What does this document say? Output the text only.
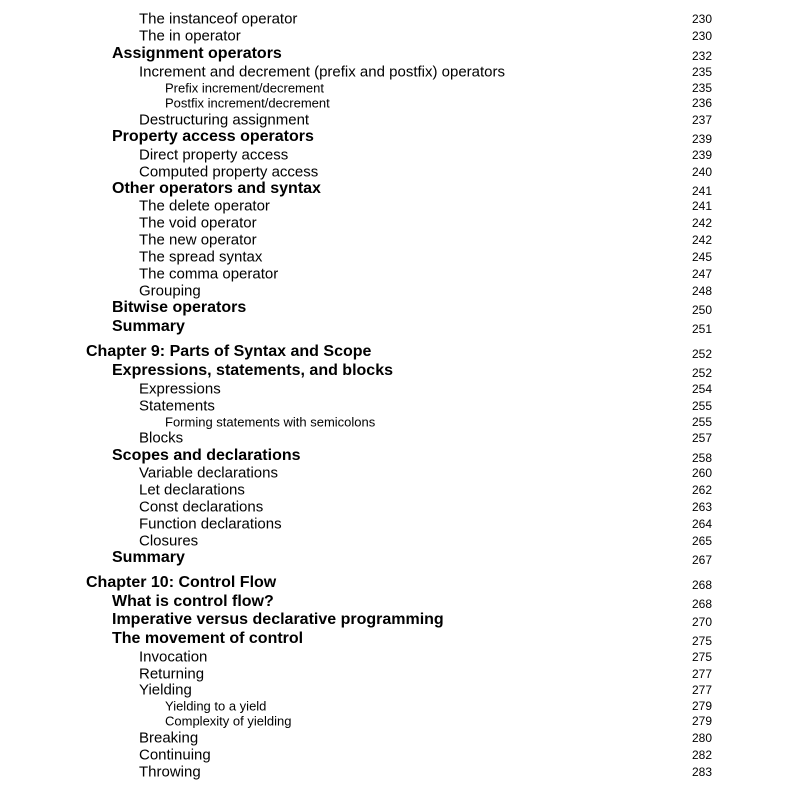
The instanceof operator	230
The in operator	230
Assignment operators	232
Increment and decrement (prefix and postfix) operators	235
Prefix increment/decrement	235
Postfix increment/decrement	236
Destructuring assignment	237
Property access operators	239
Direct property access	239
Computed property access	240
Other operators and syntax	241
The delete operator	241
The void operator	242
The new operator	242
The spread syntax	245
The comma operator	247
Grouping	248
Bitwise operators	250
Summary	251
Chapter 9: Parts of Syntax and Scope	252
Expressions, statements, and blocks	252
Expressions	254
Statements	255
Forming statements with semicolons	255
Blocks	257
Scopes and declarations	258
Variable declarations	260
Let declarations	262
Const declarations	263
Function declarations	264
Closures	265
Summary	267
Chapter 10: Control Flow	268
What is control flow?	268
Imperative versus declarative programming	270
The movement of control	275
Invocation	275
Returning	277
Yielding	277
Yielding to a yield	279
Complexity of yielding	279
Breaking	280
Continuing	282
Throwing	283
